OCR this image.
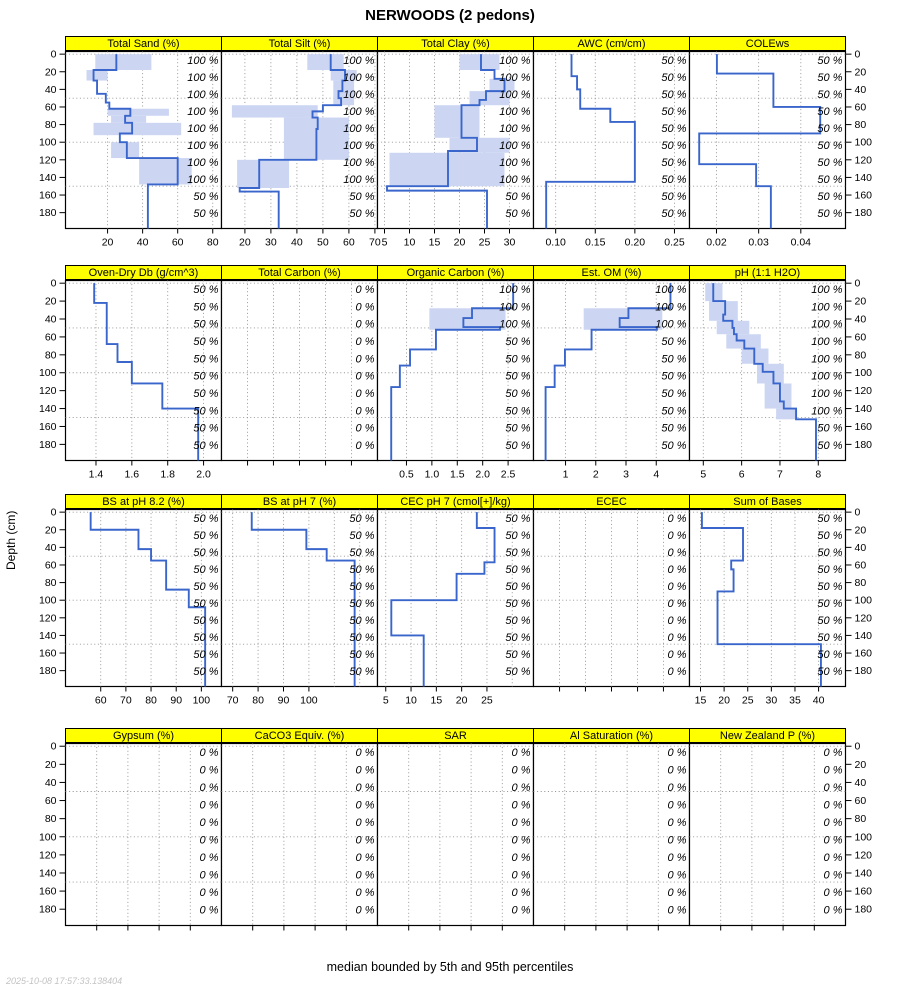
NERWOODS (2 pedons)
Depth (cm)
Total Sand (%)
100 %
100 %
100 %
100 %
100 %
100 %
100 %
100 %
50 %
50 %
20 40 60 80
0
20
40
60
80
100
120
140
160
180
Total Silt (%)
100 %
100 %
100 %
100 %
100 %
100 %
100 %
100 %
50 %
50 %
20 30 40 50 60 70
Total Clay (%)
100 %
100 %
100 %
100 %
100 %
100 %
100 %
100 %
50 %
50 %
5 10 15 20 25 30
AWC (cm/cm)
50 %
50 %
50 %
50 %
50 %
50 %
50 %
50 %
50 %
50 %
0.10 0.15 0.20 0.25
COLEws
50 %
50 %
50 %
50 %
50 %
50 %
50 %
50 %
50 %
50 %
0.02 0.03 0.04
0
20
40
60
80
100
120
140
160
180
Oven-Dry Db (g/cm^3)
50 %
50 %
50 %
50 %
50 %
50 %
50 %
50 %
50 %
50 %
1.4 1.6 1.8 2.0
0
20
40
60
80
100
120
140
160
180
Total Carbon (%)
0 %
0 %
0 %
0 %
0 %
0 %
0 %
0 %
0 %
0 %
Organic Carbon (%)
100 %
100 %
100 %
50 %
50 %
50 %
50 %
50 %
50 %
50 %
0.5 1.0 1.5 2.0 2.5
Est. OM (%)
100 %
100 %
100 %
50 %
50 %
50 %
50 %
50 %
50 %
50 %
1 2 3 4
pH (1:1 H2O)
100 %
100 %
100 %
100 %
100 %
100 %
100 %
100 %
50 %
50 %
5	6	7	8
0
20
40
60
80
100
120
140
160
180
BS at pH 8.2 (%)
50 %
50 %
50 %
50 %
50 %
50 %
50 %
50 %
50 %
50 %
60 70 80 90 100
0
20
40
60
80
100
120
140
160
180
BS at pH 7 (%)
50 %
50 %
50 %
50 %
50 %
50 %
50 %
50 %
50 %
50 %
70 80 90 100
CEC pH 7 (cmol[+]/kg)
50 %
50 %
50 %
50 %
50 %
50 %
50 %
50 %
50 %
50 %
5 10 15 20 25
ECEC
0 %
0 %
0 %
0 %
0 %
0 %
0 %
0 %
0 %
0 %
Sum of Bases
50 %
50 %
50 %
50 %
50 %
50 %
50 %
50 %
50 %
50 %
15 20 25 30 35 40
0
20
40
60
80
100
120
140
160
180
Gypsum (%)
0 %
0 %
0 %
0 %
0 %
0 %
0 %
0 %
0 %
0 %
0
20
40
60
80
100
120
140
160
180
CaCO3 Equiv. (%)
0 %
0 %
0 %
0 %
0 %
0 %
0 %
0 %
0 %
0 %
SAR
0 %
0 %
0 %
0 %
0 %
0 %
0 %
0 %
0 %
0 %
Al Saturation (%)
0 %
0 %
0 %
0 %
0 %
0 %
0 %
0 %
0 %
0 %
New Zealand P (%)
0 %
0 %
0 %
0 %
0 %
0 %
0 %
0 %
0 %
0 %
0
20
40
60
80
100
120
140
160
180
median bounded by 5th and 95th percentiles
2025-10-08 17:57:33.138404
